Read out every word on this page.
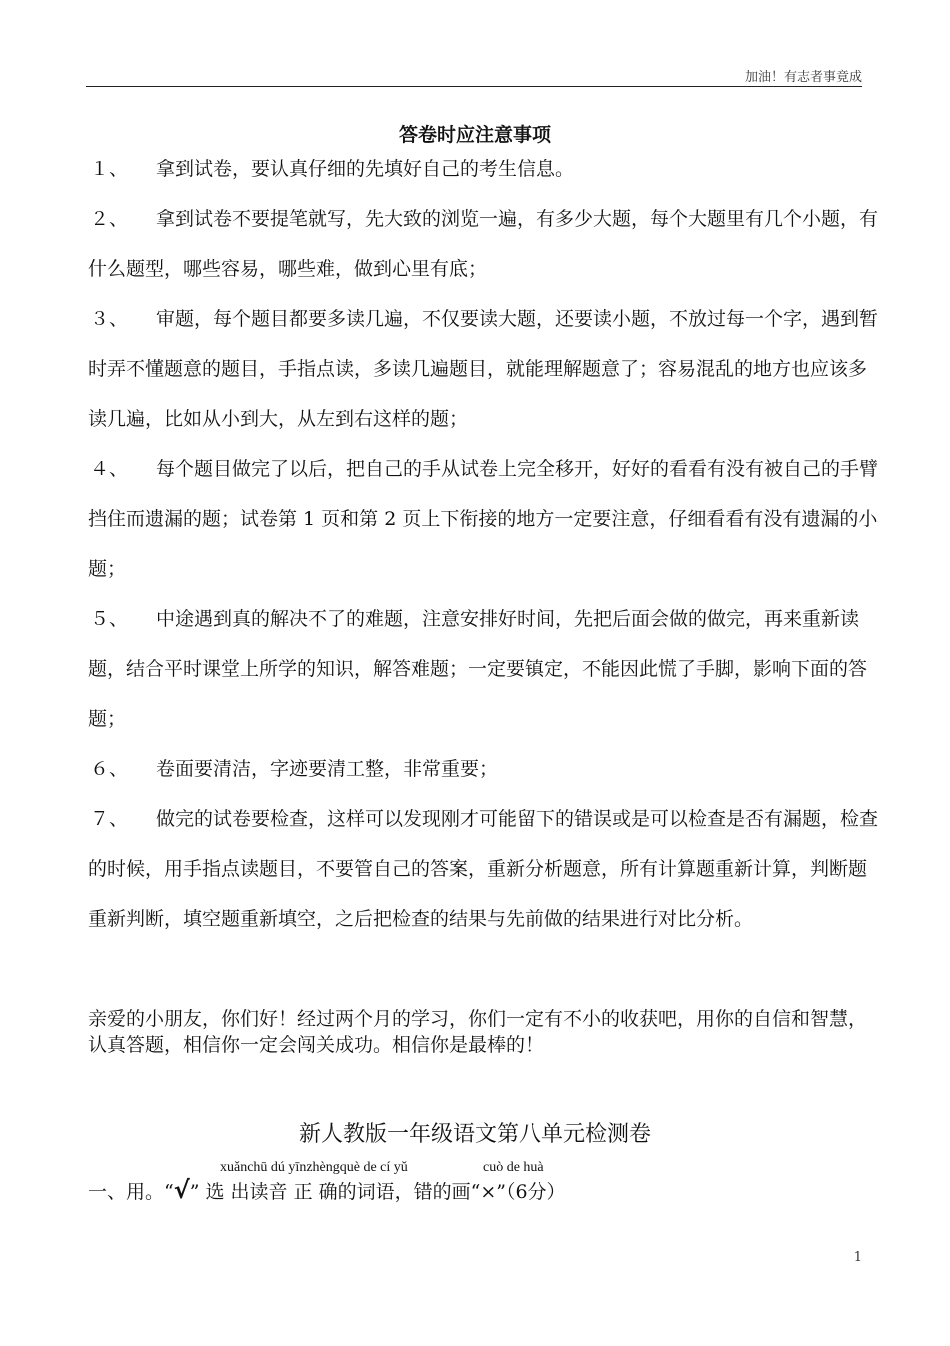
加油！有志者事竟成
答卷时应注意事项

１、 拿到试卷，要认真仔细的先填好自己的考生信息。

２、 拿到试卷不要提笔就写，先大致的浏览一遍，有多少大题，每个大题里有几个小题，有什么题型，哪些容易，哪些难，做到心里有底；

３、 审题，每个题目都要多读几遍，不仅要读大题，还要读小题，不放过每一个字，遇到暂时弄不懂题意的题目，手指点读，多读几遍题目，就能理解题意了；容易混乱的地方也应该多读几遍，比如从小到大，从左到右这样的题；

４、 每个题目做完了以后，把自己的手从试卷上完全移开，好好的看看有没有被自己的手臂挡住而遗漏的题；试卷第 1 页和第 2 页上下衔接的地方一定要注意，仔细看看有没有遗漏的小题；

５、 中途遇到真的解决不了的难题，注意安排好时间，先把后面会做的做完，再来重新读题，结合平时课堂上所学的知识，解答难题；一定要镇定，不能因此慌了手脚，影响下面的答题；

６、 卷面要清洁，字迹要清工整，非常重要；

７、 做完的试卷要检查，这样可以发现刚才可能留下的错误或是可以检查是否有漏题，检查的时候，用手指点读题目，不要管自己的答案，重新分析题意，所有计算题重新计算，判断题重新判断，填空题重新填空，之后把检查的结果与先前做的结果进行对比分析。

亲爱的小朋友，你们好！经过两个月的学习，你们一定有不小的收获吧，用你的自信和智慧，认真答题，相信你一定会闯关成功。相信你是最棒的！
新人教版一年级语文第八单元检测卷
xuǎnchū dú yīnzhèngquè de cí yǔ	cuò de huà
一、用。“√” 选 出读音 正 确的词语，错的画“×”（6分）
1
